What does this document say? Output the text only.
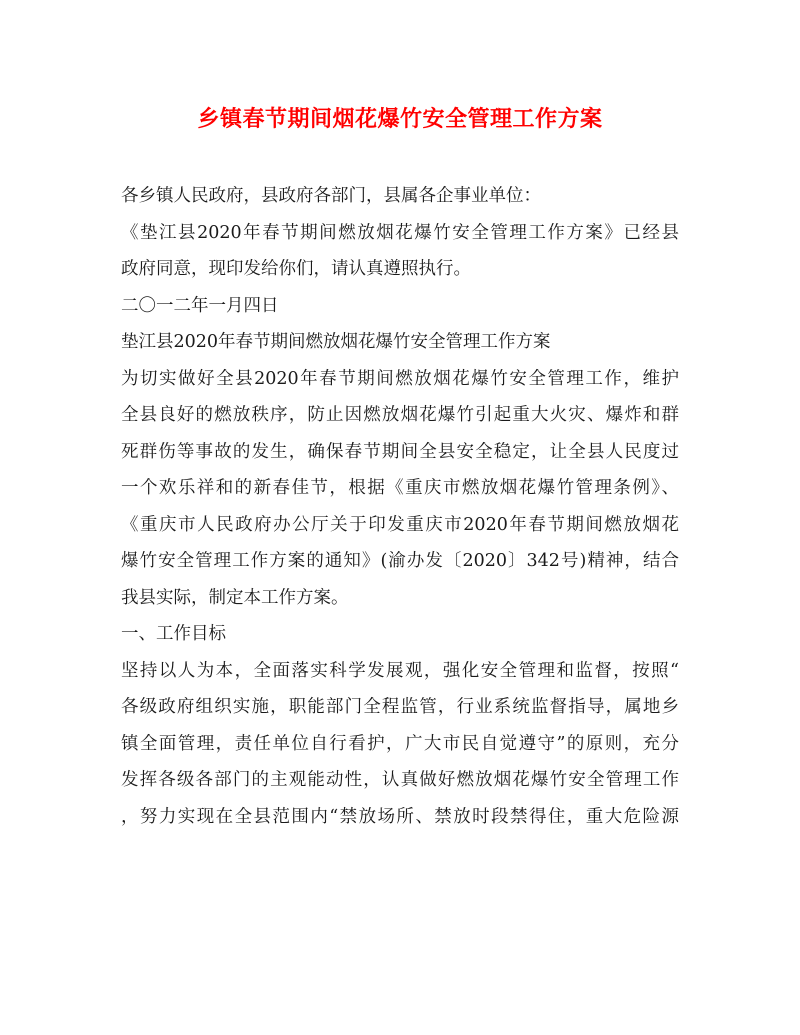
乡镇春节期间烟花爆竹安全管理工作方案
各乡镇人民政府，县政府各部门，县属各企事业单位：
《垫江县2020年春节期间燃放烟花爆竹安全管理工作方案》已经县
政府同意，现印发给你们，请认真遵照执行。
二〇一二年一月四日
垫江县2020年春节期间燃放烟花爆竹安全管理工作方案
为切实做好全县2020年春节期间燃放烟花爆竹安全管理工作，维护
全县良好的燃放秩序，防止因燃放烟花爆竹引起重大火灾、爆炸和群
死群伤等事故的发生，确保春节期间全县安全稳定，让全县人民度过
一个欢乐祥和的新春佳节，根据《重庆市燃放烟花爆竹管理条例》、
《重庆市人民政府办公厅关于印发重庆市2020年春节期间燃放烟花
爆竹安全管理工作方案的通知》(渝办发〔2020〕342号)精神，结合
我县实际，制定本工作方案。
一、工作目标
坚持以人为本，全面落实科学发展观，强化安全管理和监督，按照“
各级政府组织实施，职能部门全程监管，行业系统监督指导，属地乡
镇全面管理，责任单位自行看护，广大市民自觉遵守”的原则，充分
发挥各级各部门的主观能动性，认真做好燃放烟花爆竹安全管理工作
，努力实现在全县范围内“禁放场所、禁放时段禁得住，重大危险源
